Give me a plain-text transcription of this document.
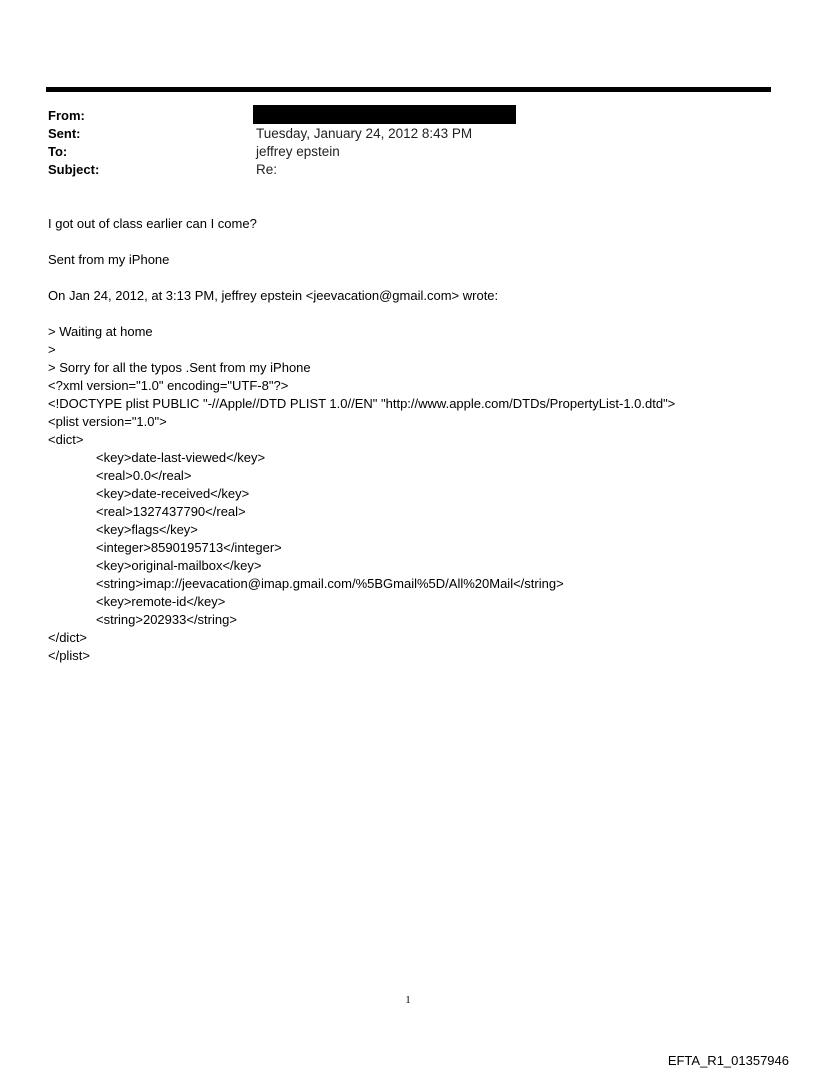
From:
Sent:	Tuesday, January 24, 2012 8:43 PM
To:	jeffrey epstein
Subject:	Re:
I got out of class earlier can I come?
Sent from my iPhone
On Jan 24, 2012, at 3:13 PM, jeffrey epstein <jeevacation@gmail.com> wrote:
> Waiting at home
>
> Sorry for all the typos .Sent from my iPhone
<?xml version="1.0" encoding="UTF-8"?>
<!DOCTYPE plist PUBLIC "-//Apple//DTD PLIST 1.0//EN" "http://www.apple.com/DTDs/PropertyList-1.0.dtd">
<plist version="1.0">
<dict>
<key>date-last-viewed</key>
<real>0.0</real>
<key>date-received</key>
<real>1327437790</real>
<key>flags</key>
<integer>8590195713</integer>
<key>original-mailbox</key>
<string>imap://jeevacation@imap.gmail.com/%5BGmail%5D/All%20Mail</string>
<key>remote-id</key>
<string>202933</string>
</dict>
</plist>
1
EFTA_R1_01357946
